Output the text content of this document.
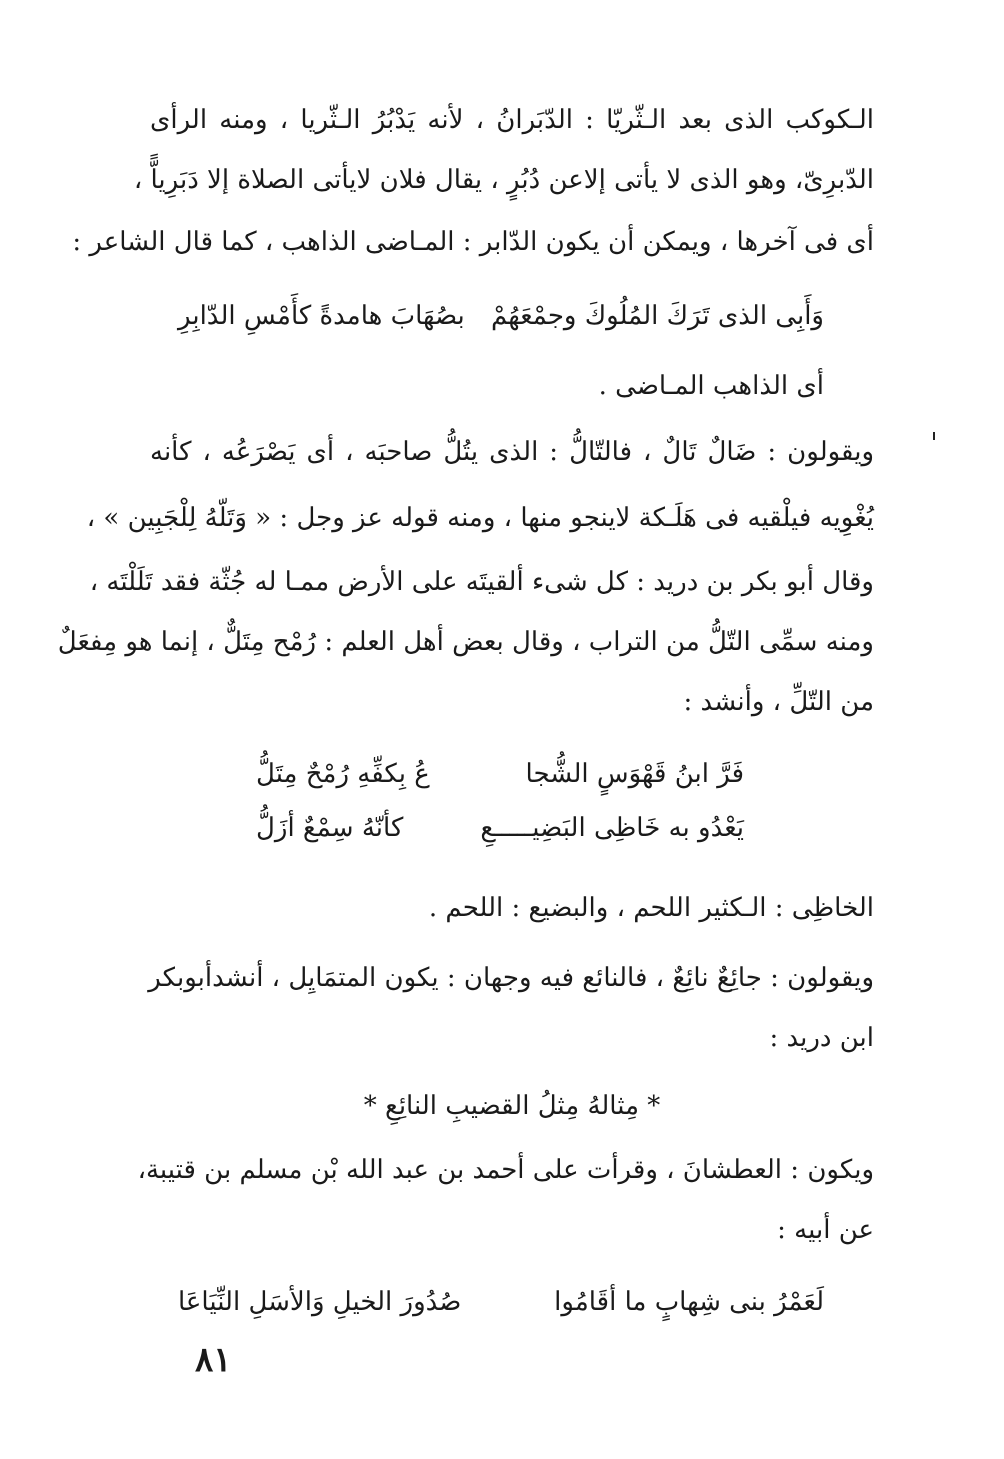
الـكوكب الذى بعد الـثّريّا : الدّبَرانُ ، لأنه يَدْبُرُ الـثّريا ، ومنه الرأى
الدّبرِىّ، وهو الذى لا يأتى إلاعن دُبُرٍ ، يقال فلان لايأتى الصلاة إلا دَبَرِياًّ ،
أى فى آخرها ، ويمكن أن يكون الدّابر : المـاضى الذاهب ، كما قال الشاعر :
وَأَبِى الذى تَرَكَ المُلُوكَ وجمْعَهُمْ
بصُهَابَ هامدةً كأَمْسِ الدّابِرِ
أى الذاهب المـاضى .
ويقولون : ضَالٌ تَالٌ ، فالتّالُّ : الذى يتُلُّ صاحبَه ، أى يَصْرَعُه ، كأنه
يُغْوِيه فيلْقيه فى هَلَـكة لاينجو منها ، ومنه قوله عز وجل : « وَتَلّهُ لِلْجَبِين » ،
وقال أبو بكر بن دريد : كل شىء ألقيتَه على الأرض ممـا له جُثّة فقد تَلَلْتَه ،
ومنه سمِّى التّلُّ من التراب ، وقال بعض أهل العلم : رُمْح مِتَلٌّ ، إنما هو مِفعَلٌ
من التّلِّ ، وأنشد :
فَرَّ ابنُ قَهْوَسٍ الشُّجا
عُ بِكفِّهِ رُمْحٌ مِتَلُّ
يَعْدُو به خَاظِى البَضِيـــــعِ
كأنّهُ سِمْعٌ أزَلُّ
الخاظِى : الـكثير اللحم ، والبضيع : اللحم .
ويقولون : جائِعٌ نائِعٌ ، فالنائع فيه وجهان : يكون المتمَايِل ، أنشدأبوبكر
ابن دريد :
* مِثالهُ مِثلُ القضيبِ النائِعِ *
ويكون : العطشانَ ، وقرأت على أحمد بن عبد الله بْن مسلم بن قتيبة،
عن أبيه :
لَعَمْرُ بنى شِهابٍ ما أقَامُوا
صُدُورَ الخيلِ وَالأسَلِ النِّيَاعَا
٨١
